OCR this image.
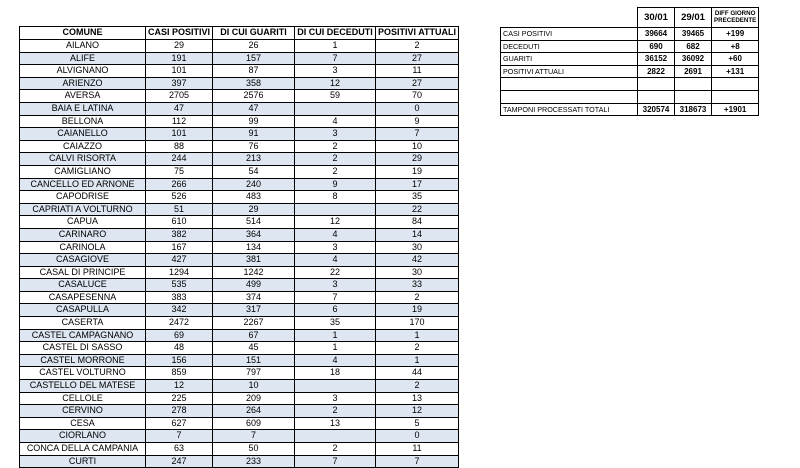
COMUNE	CASI POSITIVI	DI CUI GUARITI	DI CUI DECEDUTI	POSITIVI ATTUALI
AILANO	29	26	1	2
ALIFE	191	157	7	27
ALVIGNANO	101	87	3	11
ARIENZO	397	358	12	27
AVERSA	2705	2576	59	70
BAIA E LATINA	47	47		0
BELLONA	112	99	4	9
CAIANELLO	101	91	3	7
CAIAZZO	88	76	2	10
CALVI RISORTA	244	213	2	29
CAMIGLIANO	75	54	2	19
CANCELLO ED ARNONE	266	240	9	17
CAPODRISE	526	483	8	35
CAPRIATI A VOLTURNO	51	29		22
CAPUA	610	514	12	84
CARINARO	382	364	4	14
CARINOLA	167	134	3	30
CASAGIOVE	427	381	4	42
CASAL DI PRINCIPE	1294	1242	22	30
CASALUCE	535	499	3	33
CASAPESENNA	383	374	7	2
CASAPULLA	342	317	6	19
CASERTA	2472	2267	35	170
CASTEL CAMPAGNANO	69	67	1	1
CASTEL DI SASSO	48	45	1	2
CASTEL MORRONE	156	151	4	1
CASTEL VOLTURNO	859	797	18	44
CASTELLO DEL MATESE	12	10		2
CELLOLE	225	209	3	13
CERVINO	278	264	2	12
CESA	627	609	13	5
CIORLANO	7	7		0
CONCA DELLA CAMPANIA	63	50	2	11
CURTI	247	233	7	7
	30/01	29/01	DIFF GIORNO PRECEDENTE
CASI POSITIVI	39664	39465	+199
DECEDUTI	690	682	+8
GUARITI	36152	36092	+60
POSITIVI ATTUALI	2822	2691	+131

TAMPONI PROCESSATI TOTALI	320574	318673	+1901
